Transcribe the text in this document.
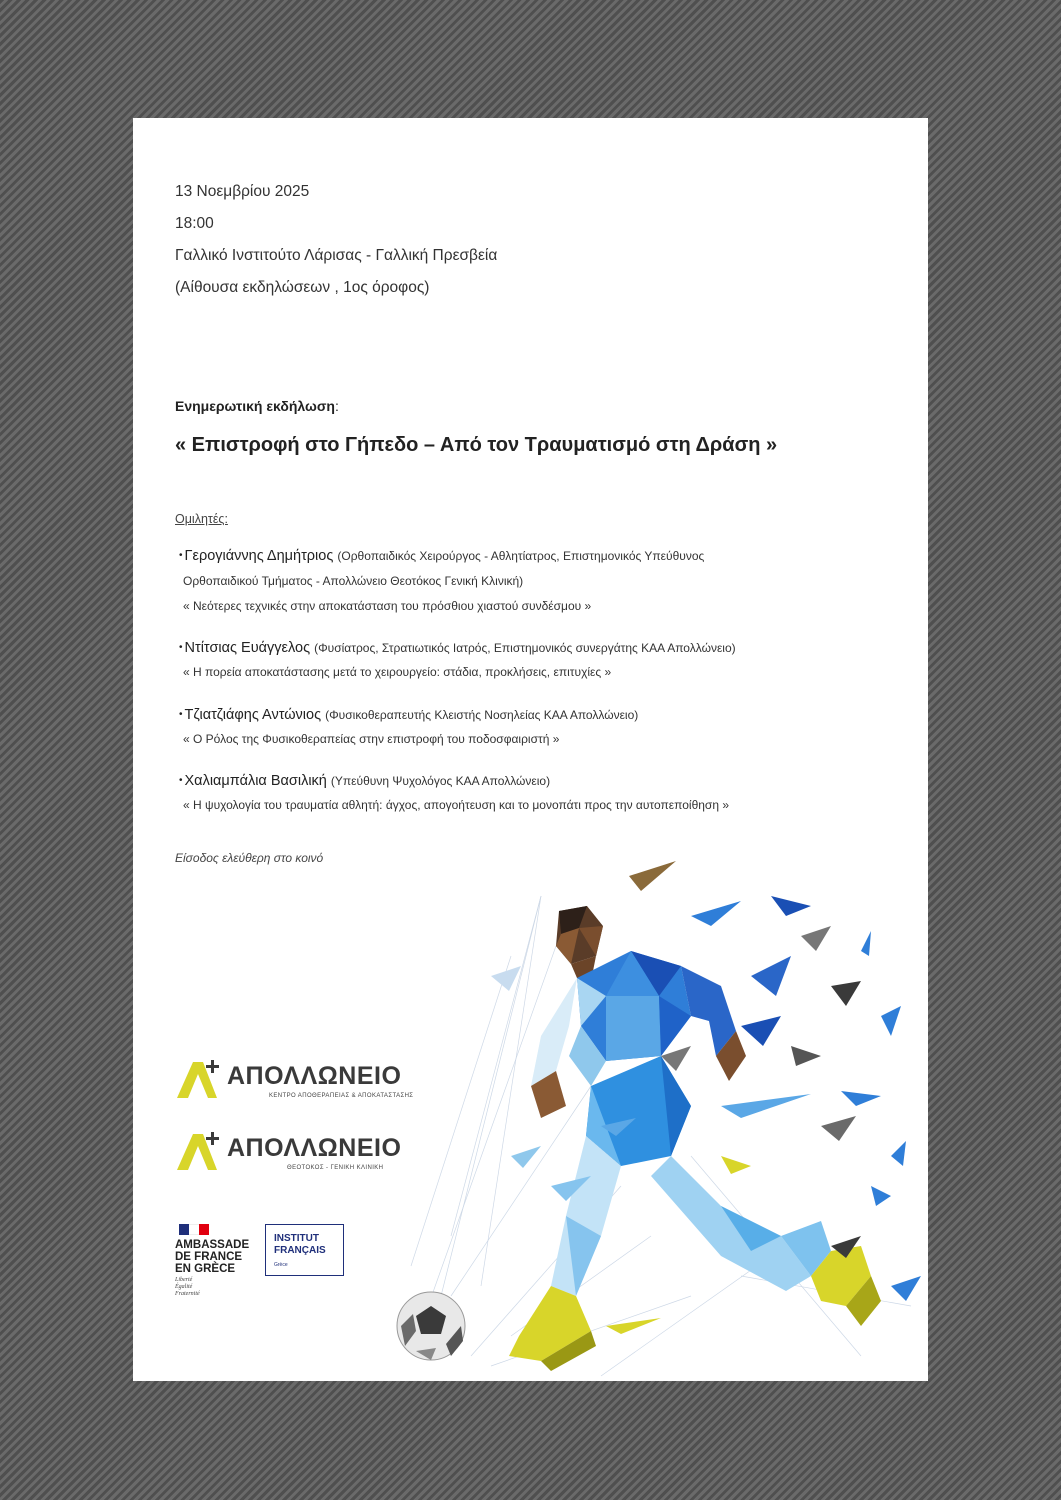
13 Νοεμβρίου 2025
18:00
Γαλλικό Ινστιτούτο Λάρισας - Γαλλική Πρεσβεία
(Αίθουσα εκδηλώσεων , 1ος όροφος)
Ενημερωτική εκδήλωση:
« Επιστροφή στο Γήπεδο – Από τον Τραυματισμό στη Δράση »
Ομιλητές:
• Γερογιάννης Δημήτριος (Ορθοπαιδικός Χειρούργος - Αθλητίατρος, Επιστημονικός Υπεύθυνος
Ορθοπαιδικού Τμήματος - Απολλώνειο Θεοτόκος Γενική Κλινική)
« Νεότερες τεχνικές στην αποκατάσταση του πρόσθιου χιαστού συνδέσμου »
• Ντίτσιας Ευάγγελος (Φυσίατρος, Στρατιωτικός Ιατρός, Επιστημονικός συνεργάτης ΚΑΑ Απολλώνειο)
« Η πορεία αποκατάστασης μετά το χειρουργείο: στάδια, προκλήσεις, επιτυχίες »
• Τζιατζιάφης Αντώνιος (Φυσικοθεραπευτής Κλειστής Νοσηλείας ΚΑΑ Απολλώνειο)
« Ο Ρόλος της Φυσικοθεραπείας στην επιστροφή του ποδοσφαιριστή »
• Χαλιαμπάλια Βασιλική (Υπεύθυνη Ψυχολόγος ΚΑΑ Απολλώνειο)
« Η ψυχολογία του τραυματία αθλητή: άγχος, απογοήτευση και το μονοπάτι προς την αυτοπεποίθηση »
Είσοδος ελεύθερη στο κοινό
ΑΠΟΛΛΩΝΕΙΟ
ΚΕΝΤΡΟ ΑΠΟΘΕΡΑΠΕΙΑΣ & ΑΠΟΚΑΤΑΣΤΑΣΗΣ
ΑΠΟΛΛΩΝΕΙΟ
ΘΕΟΤΟΚΟΣ - ΓΕΝΙΚΗ ΚΛΙΝΙΚΗ
AMBASSADE
DE FRANCE
EN GRÈCE
Liberté
Égalité
Fraternité
INSTITUT
FRANÇAIS
Grèce
